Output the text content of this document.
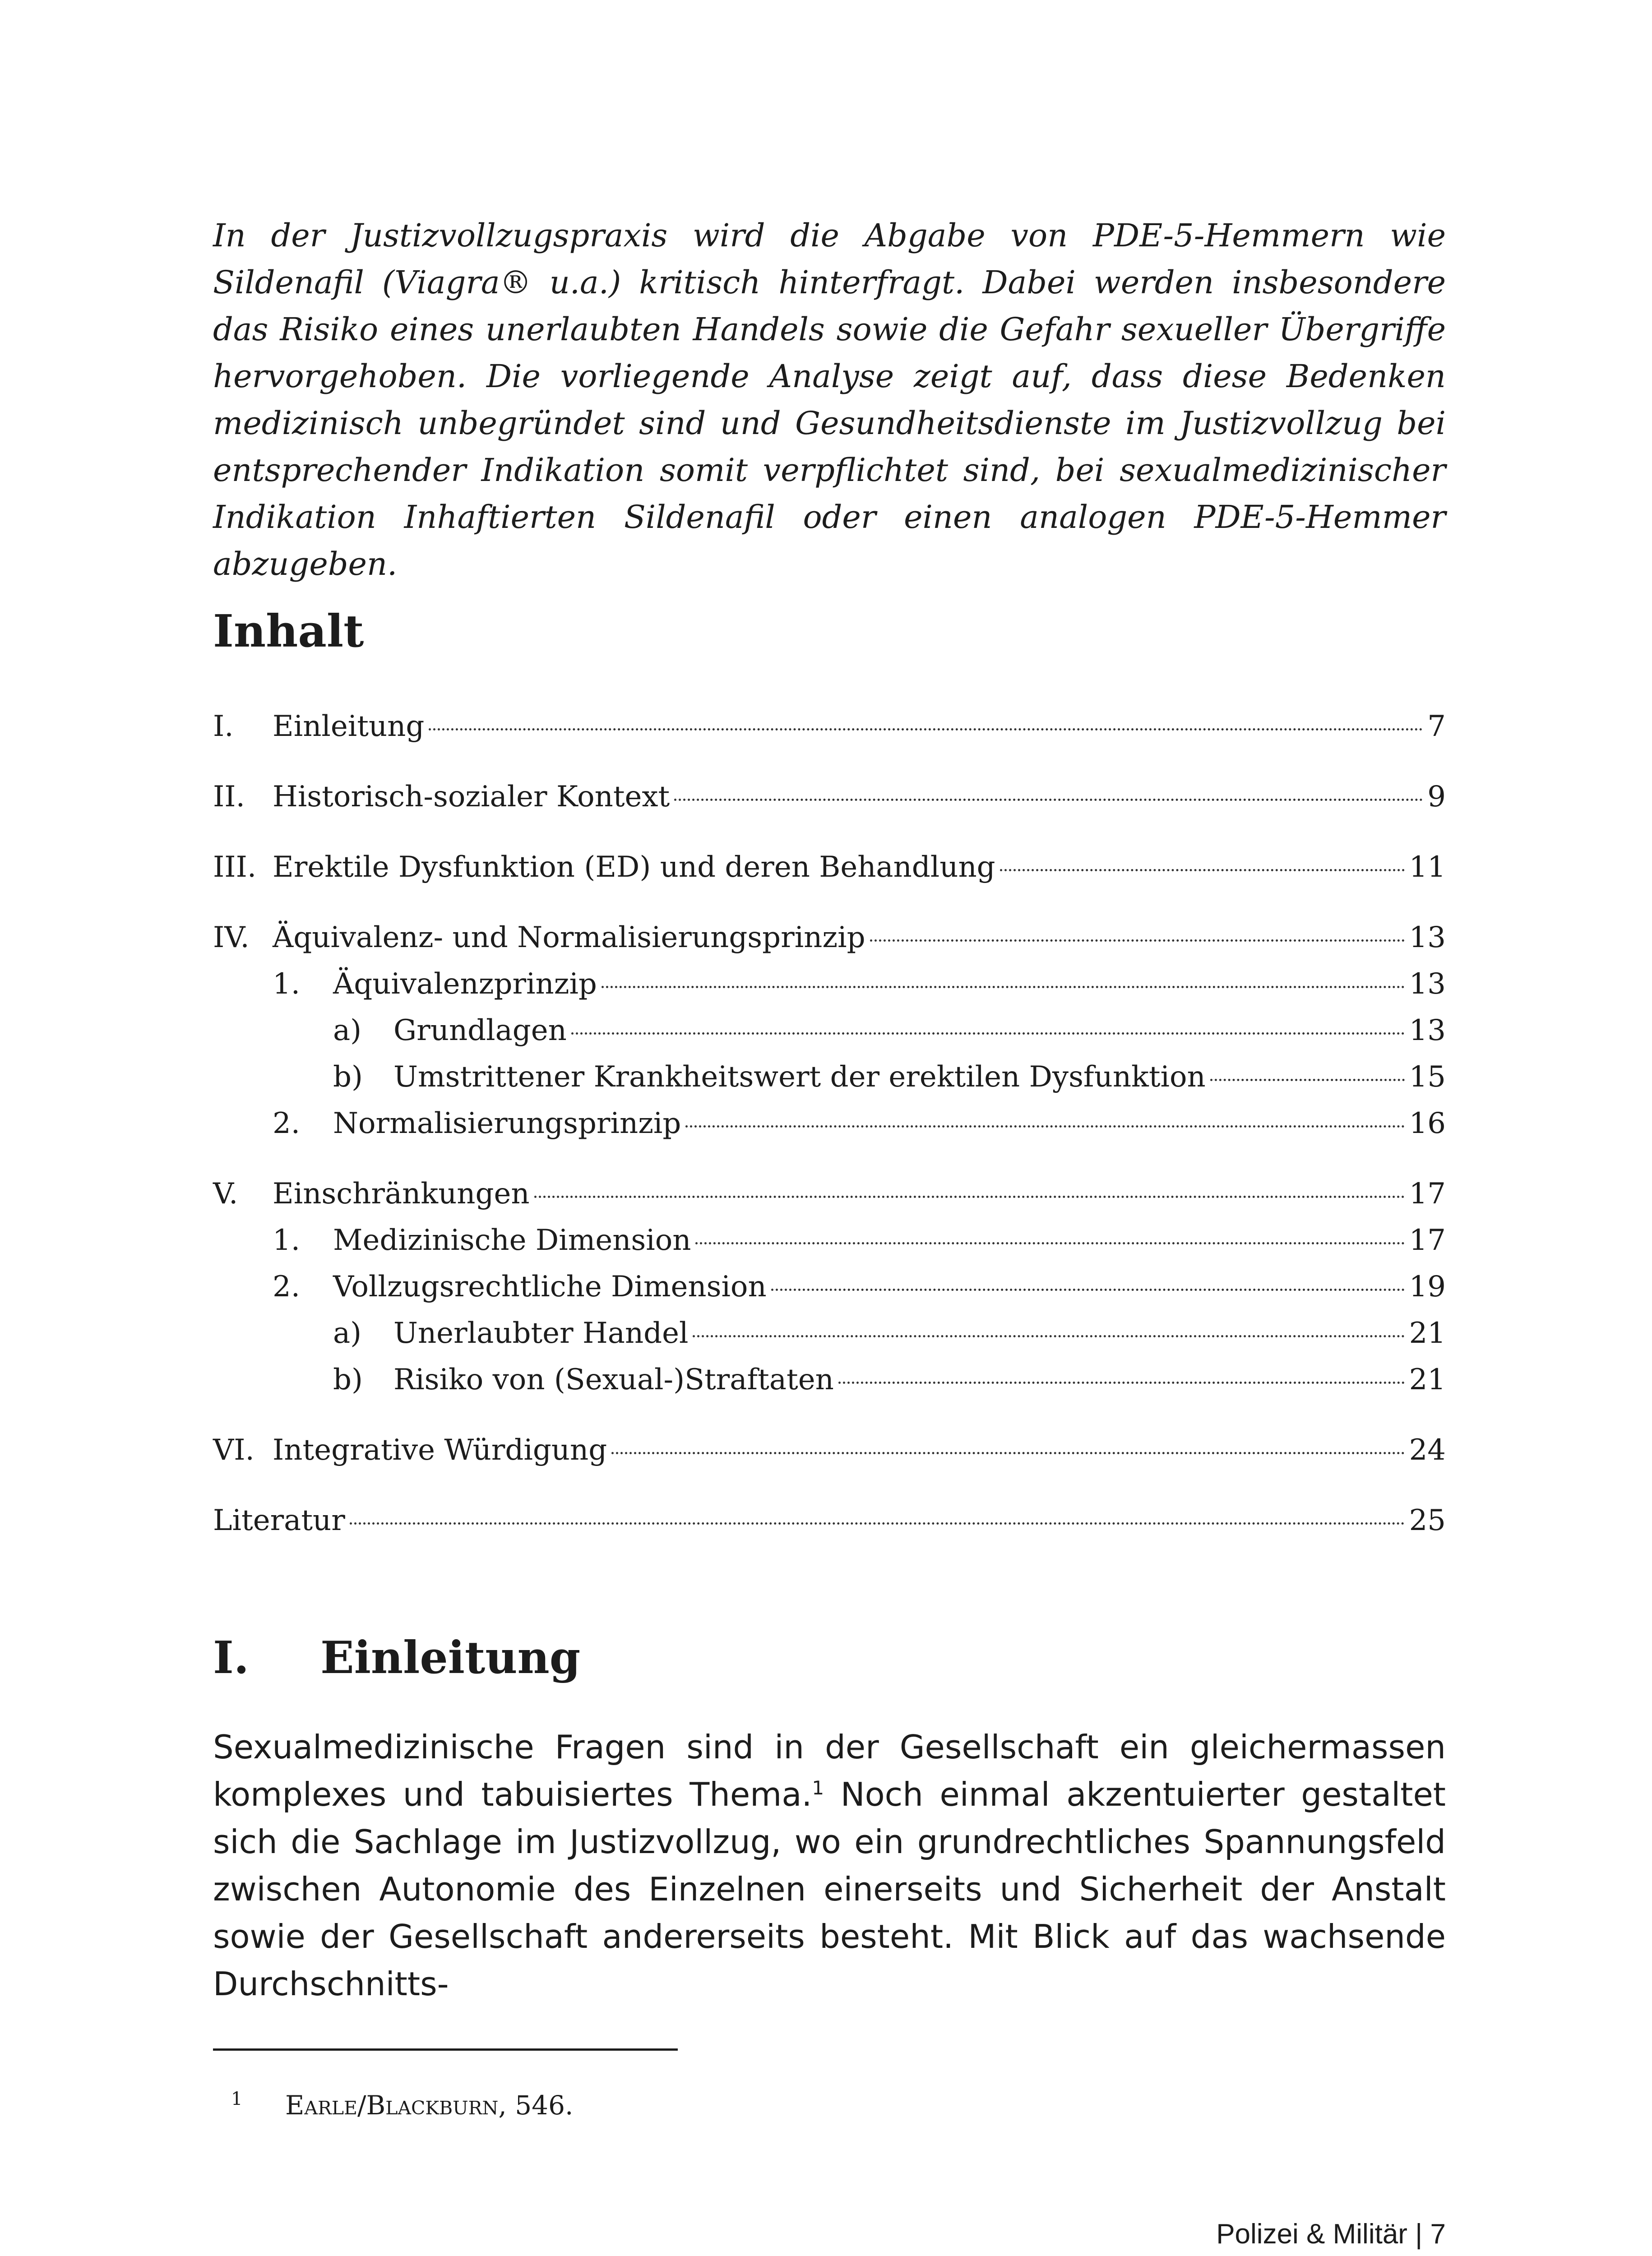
In der Justizvollzugspraxis wird die Abgabe von PDE-5-Hemmern wie Sildenafil (Viagra® u.a.) kritisch hinterfragt. Dabei werden insbesondere das Risiko eines unerlaubten Handels sowie die Gefahr sexueller Übergriffe hervorgehoben. Die vorliegende Analyse zeigt auf, dass diese Bedenken medizinisch unbegründet sind und Gesundheitsdienste im Justizvollzug bei entsprechender Indikation somit verpflichtet sind, bei sexualmedizinischer Indikation Inhaftierten Sildenafil oder einen analogen PDE-5-Hemmer abzugeben.

Inhalt
I.	Einleitung	7
II. Historisch-sozialer Kontext	9
III. Erektile Dysfunktion (ED) und deren Behandlung	11
IV. Äquivalenz- und Normalisierungsprinzip	13
1.	Äquivalenzprinzip	13
a)	Grundlagen	13
b)	Umstrittener Krankheitswert der erektilen Dysfunktion	15
2.	Normalisierungsprinzip	16
V.	Einschränkungen	17
1.	Medizinische Dimension	17
2.	Vollzugsrechtliche Dimension	19
a)	Unerlaubter Handel	21
b)	Risiko von (Sexual-)Straftaten	21
VI. Integrative Würdigung	24
Literatur	25
I.	Einleitung

Sexualmedizinische Fragen sind in der Gesellschaft ein gleichermassen komplexes und tabuisiertes Thema.$^1$ Noch einmal akzentuierter gestaltet sich die Sachlage im Justizvollzug, wo ein grundrechtliches Spannungsfeld zwischen Autonomie des Einzelnen einerseits und Sicherheit der Anstalt sowie der Gesellschaft andererseits besteht. Mit Blick auf das wachsende Durchschnitts-

1	Earle/Blackburn, 546.
Polizei & Militär | 7
